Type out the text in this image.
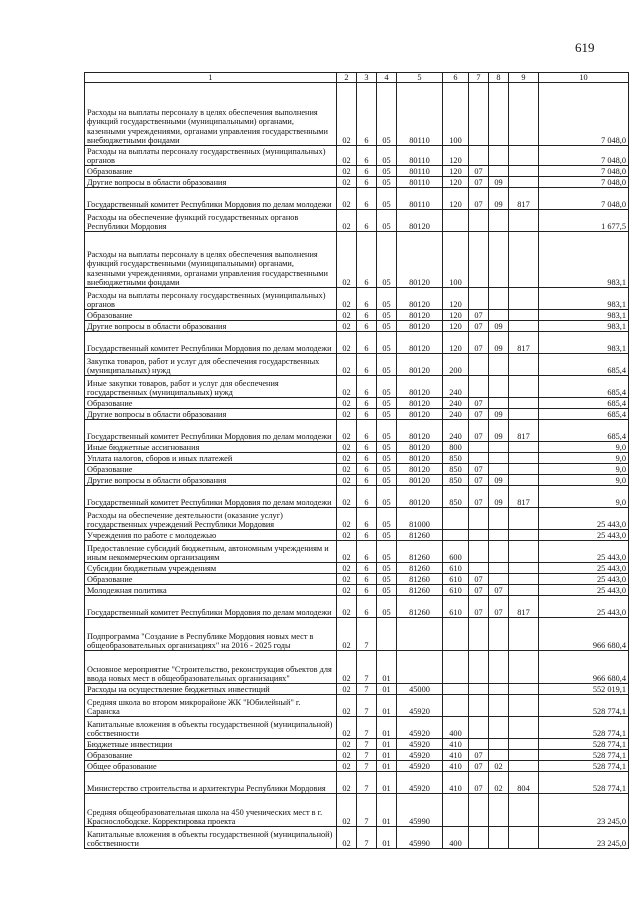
619
1	2	3	4	5	6	7	8	9	10
Расходы на выплаты персоналу в целях обеспечения выполнения функций государственными (муниципальными) органами, казенными учреждениями, органами управления государственными внебюджетными фондами	02	6	05	80110	100				7 048,0
Расходы на выплаты персоналу государственных (муниципальных) органов	02	6	05	80110	120				7 048,0
Образование	02	6	05	80110	120	07			7 048,0
Другие вопросы в области образования	02	6	05	80110	120	07	09		7 048,0
Государственный комитет Республики Мордовия по делам молодежи	02	6	05	80110	120	07	09	817	7 048,0
Расходы на обеспечение функций государственных органов Республики Мордовия	02	6	05	80120					1 677,5
Расходы на выплаты персоналу в целях обеспечения выполнения функций государственными (муниципальными) органами, казенными учреждениями, органами управления государственными внебюджетными фондами	02	6	05	80120	100				983,1
Расходы на выплаты персоналу государственных (муниципальных) органов	02	6	05	80120	120				983,1
Образование	02	6	05	80120	120	07			983,1
Другие вопросы в области образования	02	6	05	80120	120	07	09		983,1
Государственный комитет Республики Мордовия по делам молодежи	02	6	05	80120	120	07	09	817	983,1
Закупка товаров, работ и услуг для обеспечения государственных (муниципальных) нужд	02	6	05	80120	200				685,4
Иные закупки товаров, работ и услуг для обеспечения государственных (муниципальных) нужд	02	6	05	80120	240				685,4
Образование	02	6	05	80120	240	07			685,4
Другие вопросы в области образования	02	6	05	80120	240	07	09		685,4
Государственный комитет Республики Мордовия по делам молодежи	02	6	05	80120	240	07	09	817	685,4
Иные бюджетные ассигнования	02	6	05	80120	800				9,0
Уплата налогов, сборов и иных платежей	02	6	05	80120	850				9,0
Образование	02	6	05	80120	850	07			9,0
Другие вопросы в области образования	02	6	05	80120	850	07	09		9,0
Государственный комитет Республики Мордовия по делам молодежи	02	6	05	80120	850	07	09	817	9,0
Расходы на обеспечение деятельности (оказание услуг) государственных учреждений Республики Мордовия	02	6	05	81000					25 443,0
Учреждения по работе с молодежью	02	6	05	81260					25 443,0
Предоставление субсидий бюджетным, автономным учреждениям и иным некоммерческим организациям	02	6	05	81260	600				25 443,0
Субсидии бюджетным учреждениям	02	6	05	81260	610				25 443,0
Образование	02	6	05	81260	610	07			25 443,0
Молодежная политика	02	6	05	81260	610	07	07		25 443,0
Государственный комитет Республики Мордовия по делам молодежи	02	6	05	81260	610	07	07	817	25 443,0
Подпрограмма "Создание в Республике Мордовия новых мест в общеобразовательных организациях" на 2016 - 2025 годы	02	7							966 680,4
Основное мероприятие "Строительство, реконструкция объектов для ввода новых мест в общеобразовательных организациях"	02	7	01						966 680,4
Расходы на осуществление бюджетных инвестиций	02	7	01	45000					552 019,1
Средняя школа во втором микрорайоне ЖК "Юбилейный" г. Саранска	02	7	01	45920					528 774,1
Капитальные вложения в объекты государственной (муниципальной) собственности	02	7	01	45920	400				528 774,1
Бюджетные инвестиции	02	7	01	45920	410				528 774,1
Образование	02	7	01	45920	410	07			528 774,1
Общее образование	02	7	01	45920	410	07	02		528 774,1
Министерство строительства и архитектуры Республики Мордовия	02	7	01	45920	410	07	02	804	528 774,1
Средняя общеобразовательная школа на 450 ученических мест в г. Краснослободске. Корректировка проекта	02	7	01	45990					23 245,0
Капитальные вложения в объекты государственной (муниципальной) собственности	02	7	01	45990	400				23 245,0
